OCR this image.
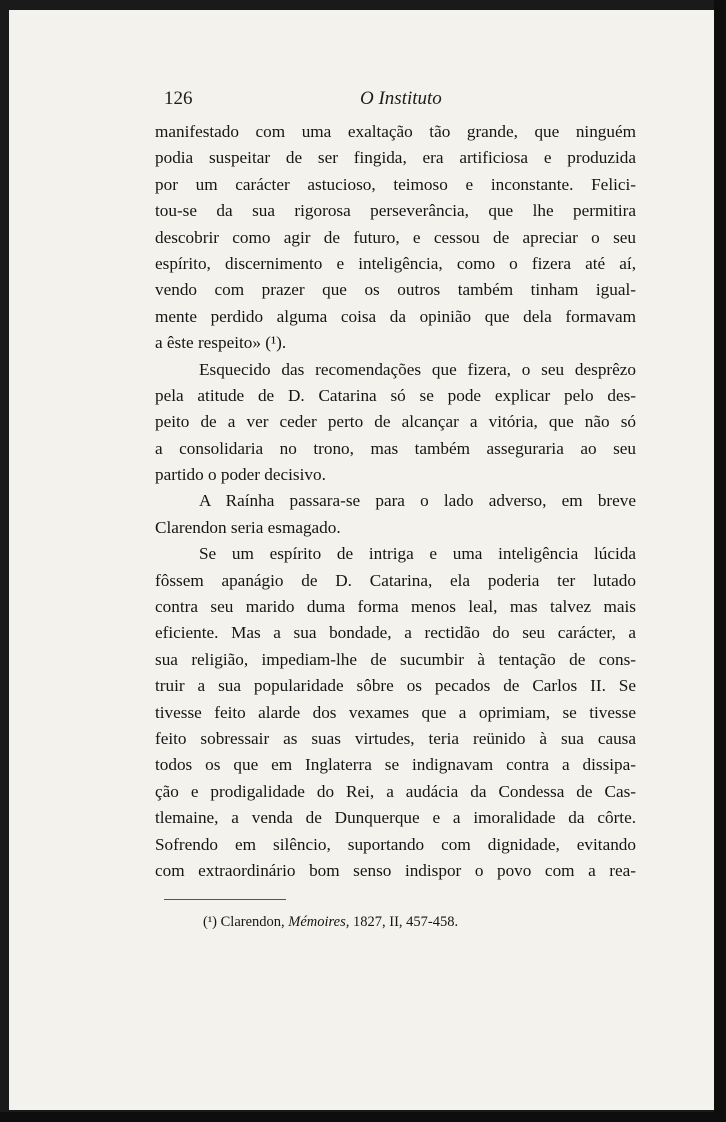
126	O Instituto
manifestado com uma exaltação tão grande, que ninguém
podia suspeitar de ser fingida, era artificiosa e produzida
por um carácter astucioso, teimoso e inconstante. Felici-
tou-se da sua rigorosa perseverância, que lhe permitira
descobrir como agir de futuro, e cessou de apreciar o seu
espírito, discernimento e inteligência, como o fizera até aí,
vendo com prazer que os outros também tinham igual-
mente perdido alguma coisa da opinião que dela formavam
a êste respeito» (¹).
Esquecido das recomendações que fizera, o seu desprêzo
pela atitude de D. Catarina só se pode explicar pelo des-
peito de a ver ceder perto de alcançar a vitória, que não só
a consolidaria no trono, mas também asseguraria ao seu
partido o poder decisivo.
A Raínha passara-se para o lado adverso, em breve
Clarendon seria esmagado.
Se um espírito de intriga e uma inteligência lúcida
fôssem apanágio de D. Catarina, ela poderia ter lutado
contra seu marido duma forma menos leal, mas talvez mais
eficiente. Mas a sua bondade, a rectidão do seu carácter, a
sua religião, impediam-lhe de sucumbir à tentação de cons-
truir a sua popularidade sôbre os pecados de Carlos II. Se
tivesse feito alarde dos vexames que a oprimiam, se tivesse
feito sobressair as suas virtudes, teria reünido à sua causa
todos os que em Inglaterra se indignavam contra a dissipa-
ção e prodigalidade do Rei, a audácia da Condessa de Cas-
tlemaine, a venda de Dunquerque e a imoralidade da côrte.
Sofrendo em silêncio, suportando com dignidade, evitando
com extraordinário bom senso indispor o povo com a rea-
(¹) Clarendon, Mémoires, 1827, II, 457-458.
